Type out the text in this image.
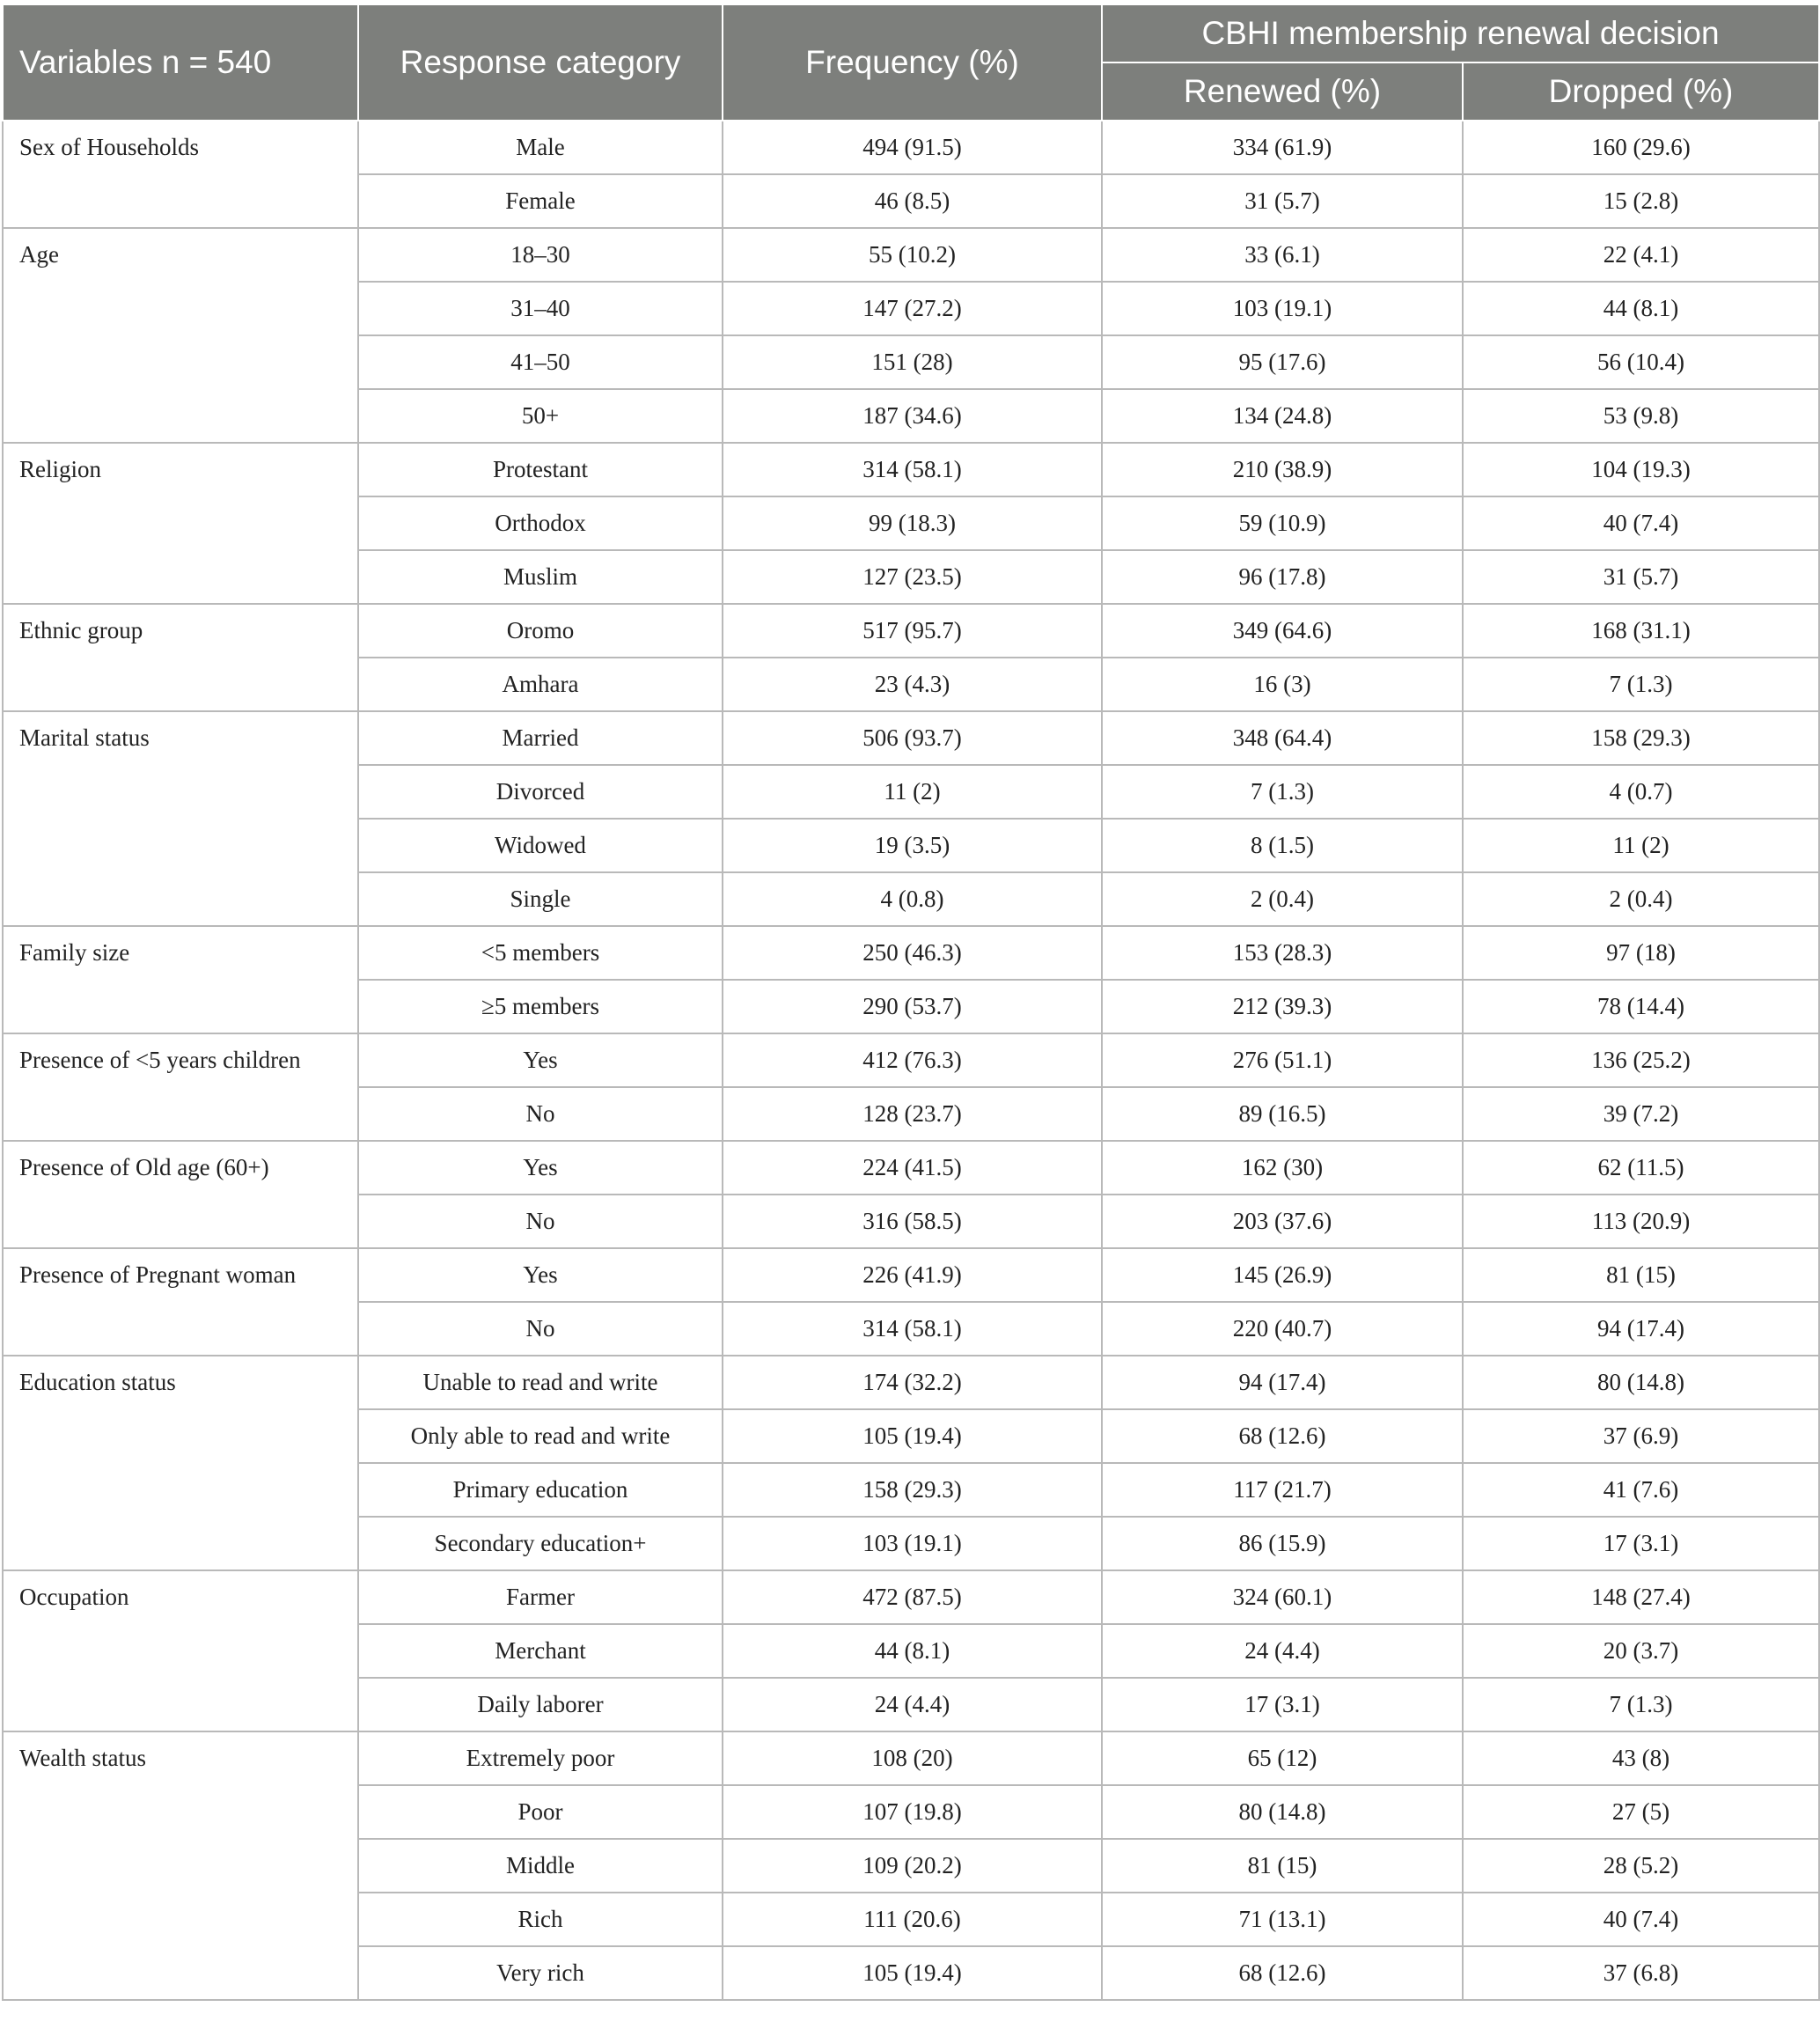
Variables n = 540	Response category	Frequency (%)	CBHI membership renewal decision	
			Renewed (%)	Dropped (%)
Sex of Households	Male	494 (91.5)	334 (61.9)	160 (29.6)
	Female	46 (8.5)	31 (5.7)	15 (2.8)
Age	18–30	55 (10.2)	33 (6.1)	22 (4.1)
	31–40	147 (27.2)	103 (19.1)	44 (8.1)
	41–50	151 (28)	95 (17.6)	56 (10.4)
	50+	187 (34.6)	134 (24.8)	53 (9.8)
Religion	Protestant	314 (58.1)	210 (38.9)	104 (19.3)
	Orthodox	99 (18.3)	59 (10.9)	40 (7.4)
	Muslim	127 (23.5)	96 (17.8)	31 (5.7)
Ethnic group	Oromo	517 (95.7)	349 (64.6)	168 (31.1)
	Amhara	23 (4.3)	16 (3)	7 (1.3)
Marital status	Married	506 (93.7)	348 (64.4)	158 (29.3)
	Divorced	11 (2)	7 (1.3)	4 (0.7)
	Widowed	19 (3.5)	8 (1.5)	11 (2)
	Single	4 (0.8)	2 (0.4)	2 (0.4)
Family size	<5 members	250 (46.3)	153 (28.3)	97 (18)
	≥5 members	290 (53.7)	212 (39.3)	78 (14.4)
Presence of <5 years children	Yes	412 (76.3)	276 (51.1)	136 (25.2)
	No	128 (23.7)	89 (16.5)	39 (7.2)
Presence of Old age (60+)	Yes	224 (41.5)	162 (30)	62 (11.5)
	No	316 (58.5)	203 (37.6)	113 (20.9)
Presence of Pregnant woman	Yes	226 (41.9)	145 (26.9)	81 (15)
	No	314 (58.1)	220 (40.7)	94 (17.4)
Education status	Unable to read and write	174 (32.2)	94 (17.4)	80 (14.8)
	Only able to read and write	105 (19.4)	68 (12.6)	37 (6.9)
	Primary education	158 (29.3)	117 (21.7)	41 (7.6)
	Secondary education+	103 (19.1)	86 (15.9)	17 (3.1)
Occupation	Farmer	472 (87.5)	324 (60.1)	148 (27.4)
	Merchant	44 (8.1)	24 (4.4)	20 (3.7)
	Daily laborer	24 (4.4)	17 (3.1)	7 (1.3)
Wealth status	Extremely poor	108 (20)	65 (12)	43 (8)
	Poor	107 (19.8)	80 (14.8)	27 (5)
	Middle	109 (20.2)	81 (15)	28 (5.2)
	Rich	111 (20.6)	71 (13.1)	40 (7.4)
	Very rich	105 (19.4)	68 (12.6)	37 (6.8)
